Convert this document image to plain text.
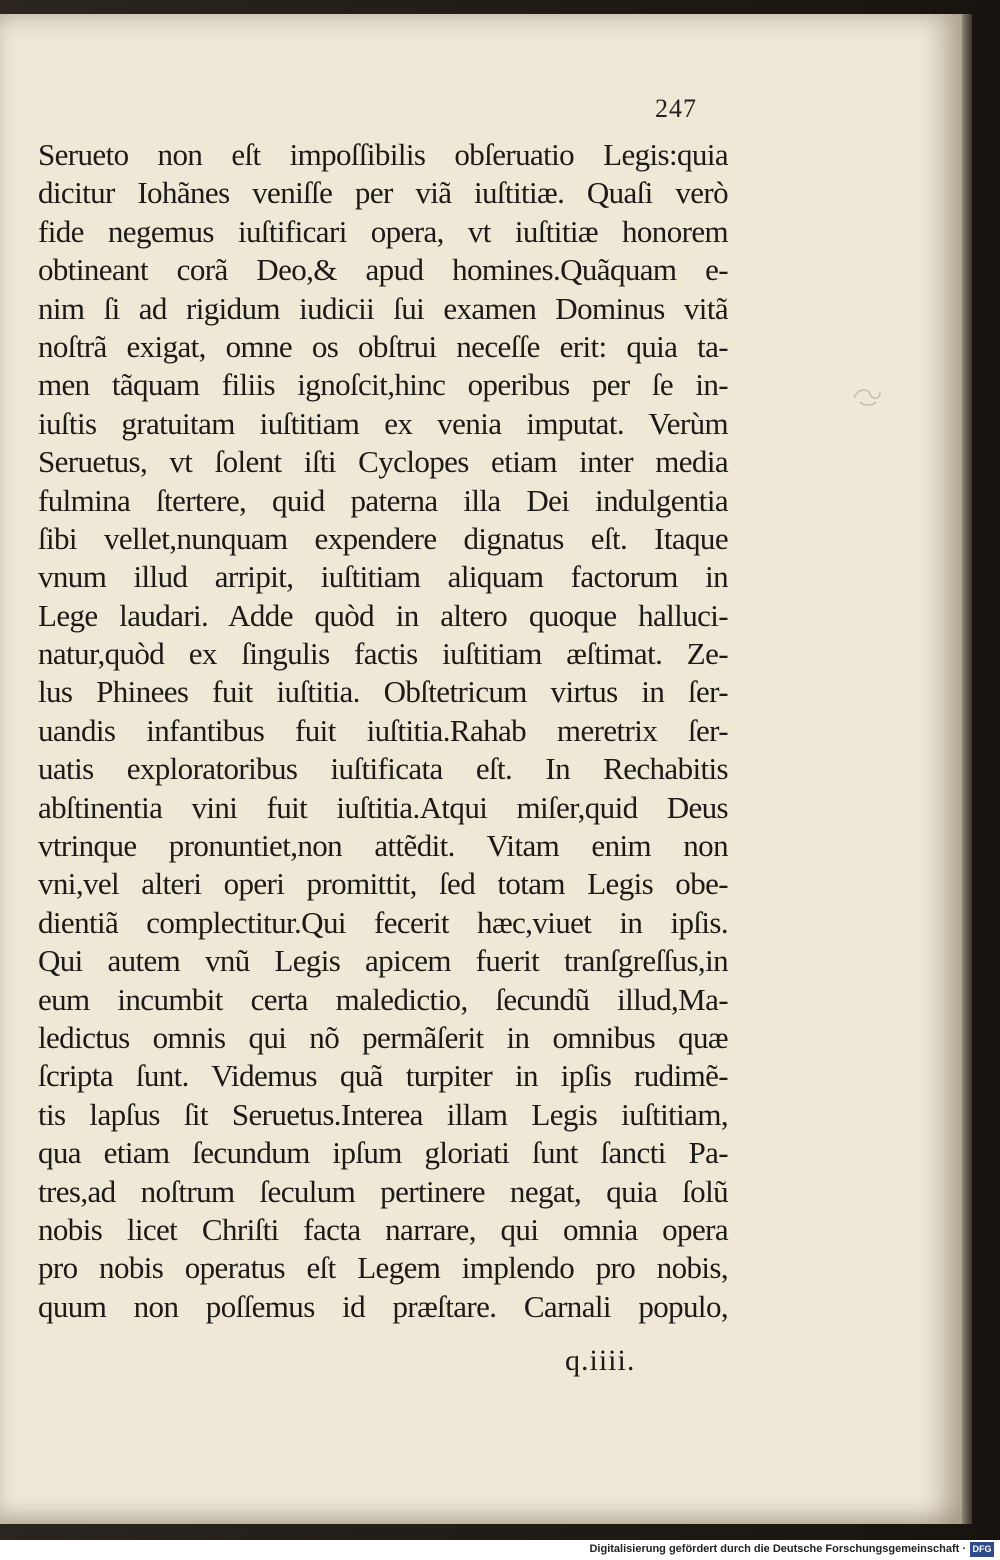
247
Serueto non eſt impoſſibilis obſeruatio Legis:quia
dicitur Iohãnes veniſſe per viã iuſtitiæ. Quaſi verò
fide negemus iuſtificari opera, vt iuſtitiæ honorem
obtineant corã Deo,& apud homines.Quãquam e-
nim ſi ad rigidum iudicii ſui examen Dominus vitã
noſtrã exigat, omne os obſtrui neceſſe erit: quia ta-
men tãquam filiis ignoſcit,hinc operibus per ſe in-
iuſtis gratuitam iuſtitiam ex venia imputat. Verùm
Seruetus, vt ſolent iſti Cyclopes etiam inter media
fulmina ſtertere, quid paterna illa Dei indulgentia
ſibi vellet,nunquam expendere dignatus eſt. Itaque
vnum illud arripit, iuſtitiam aliquam factorum in
Lege laudari. Adde quòd in altero quoque halluci-
natur,quòd ex ſingulis factis iuſtitiam æſtimat. Ze-
lus Phinees fuit iuſtitia. Obſtetricum virtus in ſer-
uandis infantibus fuit iuſtitia.Rahab meretrix ſer-
uatis exploratoribus iuſtificata eſt. In Rechabitis
abſtinentia vini fuit iuſtitia.Atqui miſer,quid Deus
vtrinque pronuntiet,non attẽdit. Vitam enim non
vni,vel alteri operi promittit, ſed totam Legis obe-
dientiã complectitur.Qui fecerit hæc,viuet in ipſis.
Qui autem vnũ Legis apicem fuerit tranſgreſſus,in
eum incumbit certa maledictio, ſecundũ illud,Ma-
ledictus omnis qui nõ permãſerit in omnibus quæ
ſcripta ſunt. Videmus quã turpiter in ipſis rudimẽ-
tis lapſus ſit Seruetus.Interea illam Legis iuſtitiam,
qua etiam ſecundum ipſum gloriati ſunt ſancti Pa-
tres,ad noſtrum ſeculum pertinere negat, quia ſolũ
nobis licet Chriſti facta narrare, qui omnia opera
pro nobis operatus eſt Legem implendo pro nobis,
quum non poſſemus id præſtare. Carnali populo,
q.iiii.
Digitalisierung gefördert durch die Deutsche Forschungsgemeinschaft · DFG
